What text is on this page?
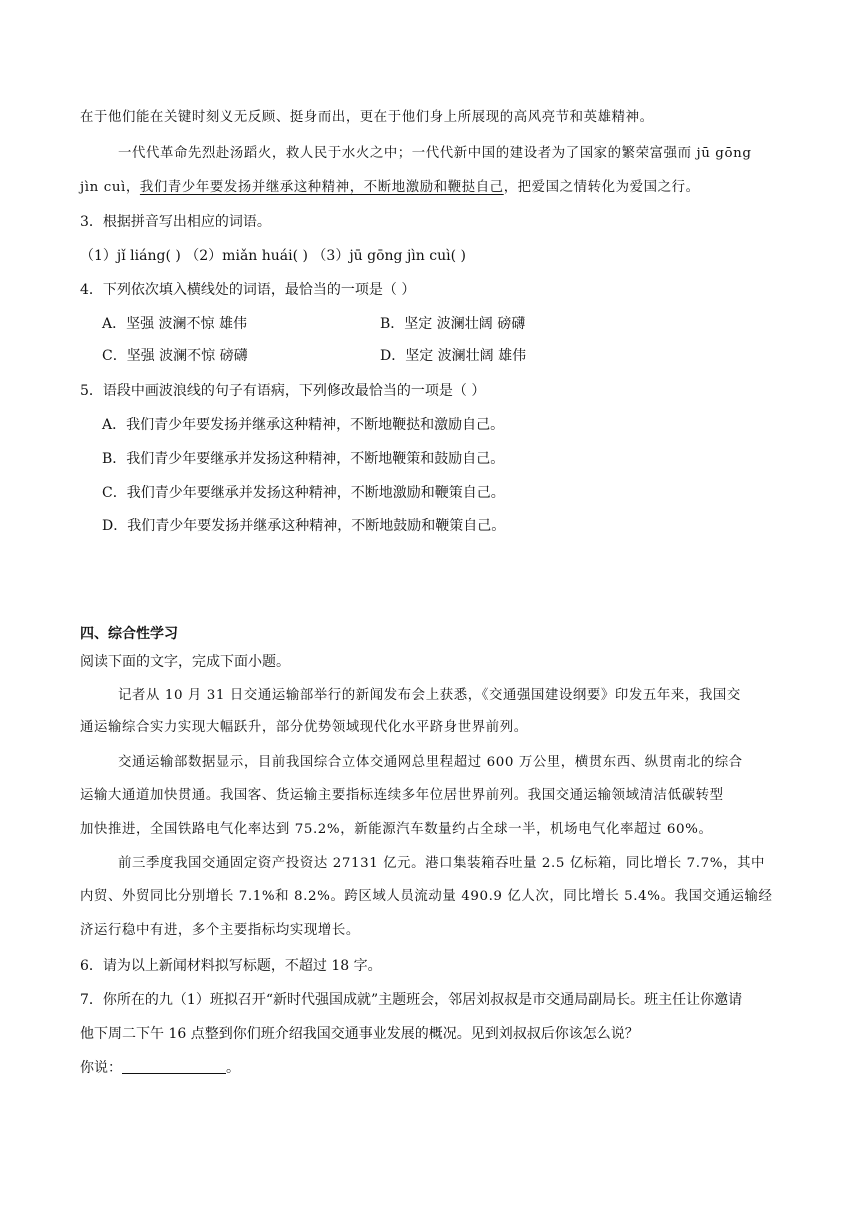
在于他们能在关键时刻义无反顾、挺身而出，更在于他们身上所展现的高风亮节和英雄精神。
一代代革命先烈赴汤蹈火，救人民于水火之中；一代代新中国的建设者为了国家的繁荣富强而 jū gōng
jìn cuì，我们青少年要发扬并继承这种精神，不断地激励和鞭挞自己，把爱国之情转化为爱国之行。
3．根据拼音写出相应的词语。
（1）jǐ liáng( ) （2）miǎn huái( ) （3）jū gōng jìn cuì( )
4．下列依次填入横线处的词语，最恰当的一项是（ ）
A．坚强 波澜不惊 雄伟	B．坚定 波澜壮阔 磅礴
C．坚强 波澜不惊 磅礴	D．坚定 波澜壮阔 雄伟
5．语段中画波浪线的句子有语病，下列修改最恰当的一项是（ ）
A．我们青少年要发扬并继承这种精神，不断地鞭挞和激励自己。
B．我们青少年要继承并发扬这种精神，不断地鞭策和鼓励自己。
C．我们青少年要继承并发扬这种精神，不断地激励和鞭策自己。
D．我们青少年要发扬并继承这种精神，不断地鼓励和鞭策自己。
四、综合性学习
阅读下面的文字，完成下面小题。
记者从 10 月 31 日交通运输部举行的新闻发布会上获悉，《交通强国建设纲要》印发五年来，我国交
通运输综合实力实现大幅跃升，部分优势领域现代化水平跻身世界前列。
交通运输部数据显示，目前我国综合立体交通网总里程超过 600 万公里，横贯东西、纵贯南北的综合
运输大通道加快贯通。我国客、货运输主要指标连续多年位居世界前列。我国交通运输领域清洁低碳转型
加快推进，全国铁路电气化率达到 75.2%，新能源汽车数量约占全球一半，机场电气化率超过 60%。
前三季度我国交通固定资产投资达 27131 亿元。港口集装箱吞吐量 2.5 亿标箱，同比增长 7.7%，其中
内贸、外贸同比分别增长 7.1%和 8.2%。跨区域人员流动量 490.9 亿人次，同比增长 5.4%。我国交通运输经
济运行稳中有进，多个主要指标均实现增长。
6．请为以上新闻材料拟写标题，不超过 18 字。
7．你所在的九（1）班拟召开“新时代强国成就”主题班会，邻居刘叔叔是市交通局副局长。班主任让你邀请
他下周二下午 16 点整到你们班介绍我国交通事业发展的概况。见到刘叔叔后你该怎么说？
你说：	。
